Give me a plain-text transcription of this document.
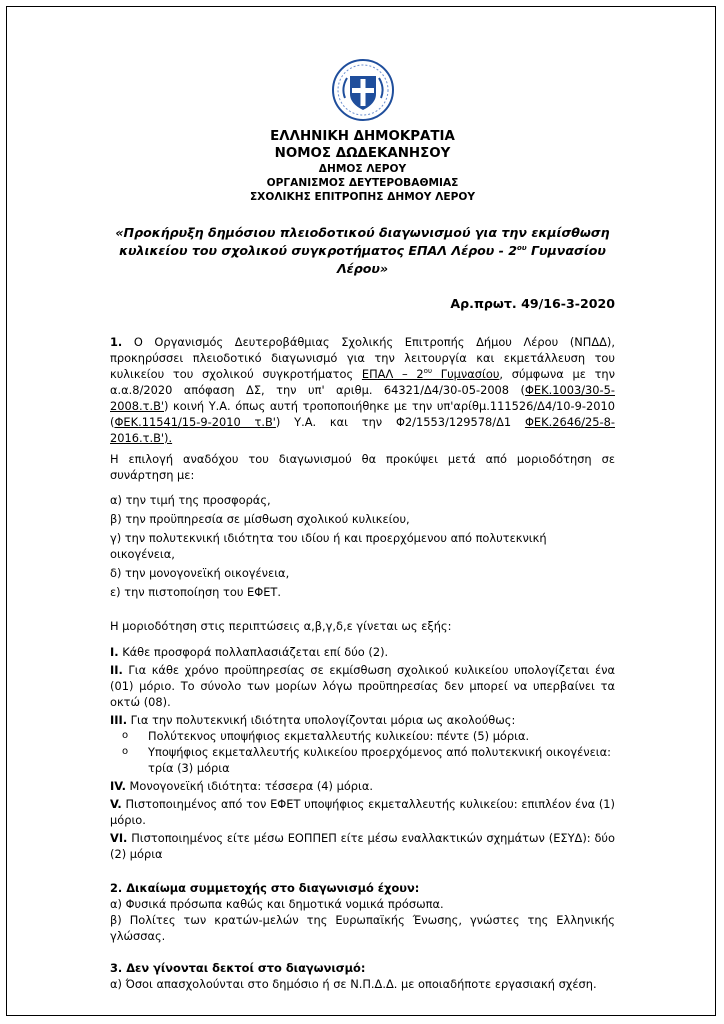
ΕΛΛΗΝΙΚΗ ΔΗΜΟΚΡΑΤΙΑ
ΝΟΜΟΣ ΔΩΔΕΚΑΝΗΣΟΥ
ΔΗΜΟΣ ΛΕΡΟΥ
ΟΡΓΑΝΙΣΜΟΣ ΔΕΥΤΕΡΟΒΑΘΜΙΑΣ
ΣΧΟΛΙΚΗΣ ΕΠΙΤΡΟΠΗΣ ΔΗΜΟΥ ΛΕΡΟΥ
«Προκήρυξη δημόσιου πλειοδοτικού διαγωνισμού για την εκμίσθωση
κυλικείου του σχολικού συγκροτήματος ΕΠΑΛ Λέρου - $2^{o\upsilon}$ Γυμνασίου Λέρου»
Αρ.πρωτ. 49/16-3-2020

1. Ο Οργανισμός Δευτεροβάθμιας Σχολικής Επιτροπής Δήμου Λέρου (ΝΠΔΔ), προκηρύσσει πλειοδοτικό διαγωνισμό για την λειτουργία και εκμετάλλευση του κυλικείου του σχολικού συγκροτήματος ΕΠΑΛ – $2^{o\upsilon}$ Γυμνασίου, σύμφωνα με την α.α.8/2020 απόφαση ΔΣ, την υπ' αριθμ. 64321/Δ4/30-05-2008 (ΦΕΚ.1003/30-5-2008.τ.Β') κοινή Υ.Α. όπως αυτή τροποποιήθηκε με την υπ'αρίθμ.111526/Δ4/10-9-2010 (ΦΕΚ.11541/15-9-2010 τ.Β') Υ.Α. και την Φ2/1553/129578/Δ1 ΦΕΚ.2646/25-8-2016.τ.Β').

Η επιλογή αναδόχου του διαγωνισμού θα προκύψει μετά από μοριοδότηση σε συνάρτηση με:

α) την τιμή της προσφοράς,

β) την προϋπηρεσία σε μίσθωση σχολικού κυλικείου,

γ) την πολυτεκνική ιδιότητα του ιδίου ή και προερχόμενου από πολυτεκνική οικογένεια,

δ) την μονογονεϊκή οικογένεια,

ε) την πιστοποίηση του ΕΦΕΤ.

Η μοριοδότηση στις περιπτώσεις α,β,γ,δ,ε γίνεται ως εξής:

I. Κάθε προσφορά πολλαπλασιάζεται επί δύο (2).

II. Για κάθε χρόνο προϋπηρεσίας σε εκμίσθωση σχολικού κυλικείου υπολογίζεται ένα (01) μόριο. Το σύνολο των μορίων λόγω προϋπηρεσίας δεν μπορεί να υπερβαίνει τα οκτώ (08).

III. Για την πολυτεκνική ιδιότητα υπολογίζονται μόρια ως ακολούθως:

o	Πολύτεκνος υποψήφιος εκμεταλλευτής κυλικείου: πέντε (5) μόρια.
o	Υποψήφιος εκμεταλλευτής κυλικείου προερχόμενος από πολυτεκνική οικογένεια: τρία (3) μόρια

IV. Μονογονεϊκή ιδιότητα: τέσσερα (4) μόρια.

V. Πιστοποιημένος από τον ΕΦΕΤ υποψήφιος εκμεταλλευτής κυλικείου: επιπλέον ένα (1) μόριο.

VI. Πιστοποιημένος είτε μέσω ΕΟΠΠΕΠ είτε μέσω εναλλακτικών σχημάτων (ΕΣΥΔ): δύο (2) μόρια

2. Δικαίωμα συμμετοχής στο διαγωνισμό έχουν:

α) Φυσικά πρόσωπα καθώς και δημοτικά νομικά πρόσωπα.

β) Πολίτες των κρατών-μελών της Ευρωπαϊκής Ένωσης, γνώστες της Ελληνικής γλώσσας.

3. Δεν γίνονται δεκτοί στο διαγωνισμό:

α) Όσοι απασχολούνται στο δημόσιο ή σε Ν.Π.Δ.Δ. με οποιαδήποτε εργασιακή σχέση.
